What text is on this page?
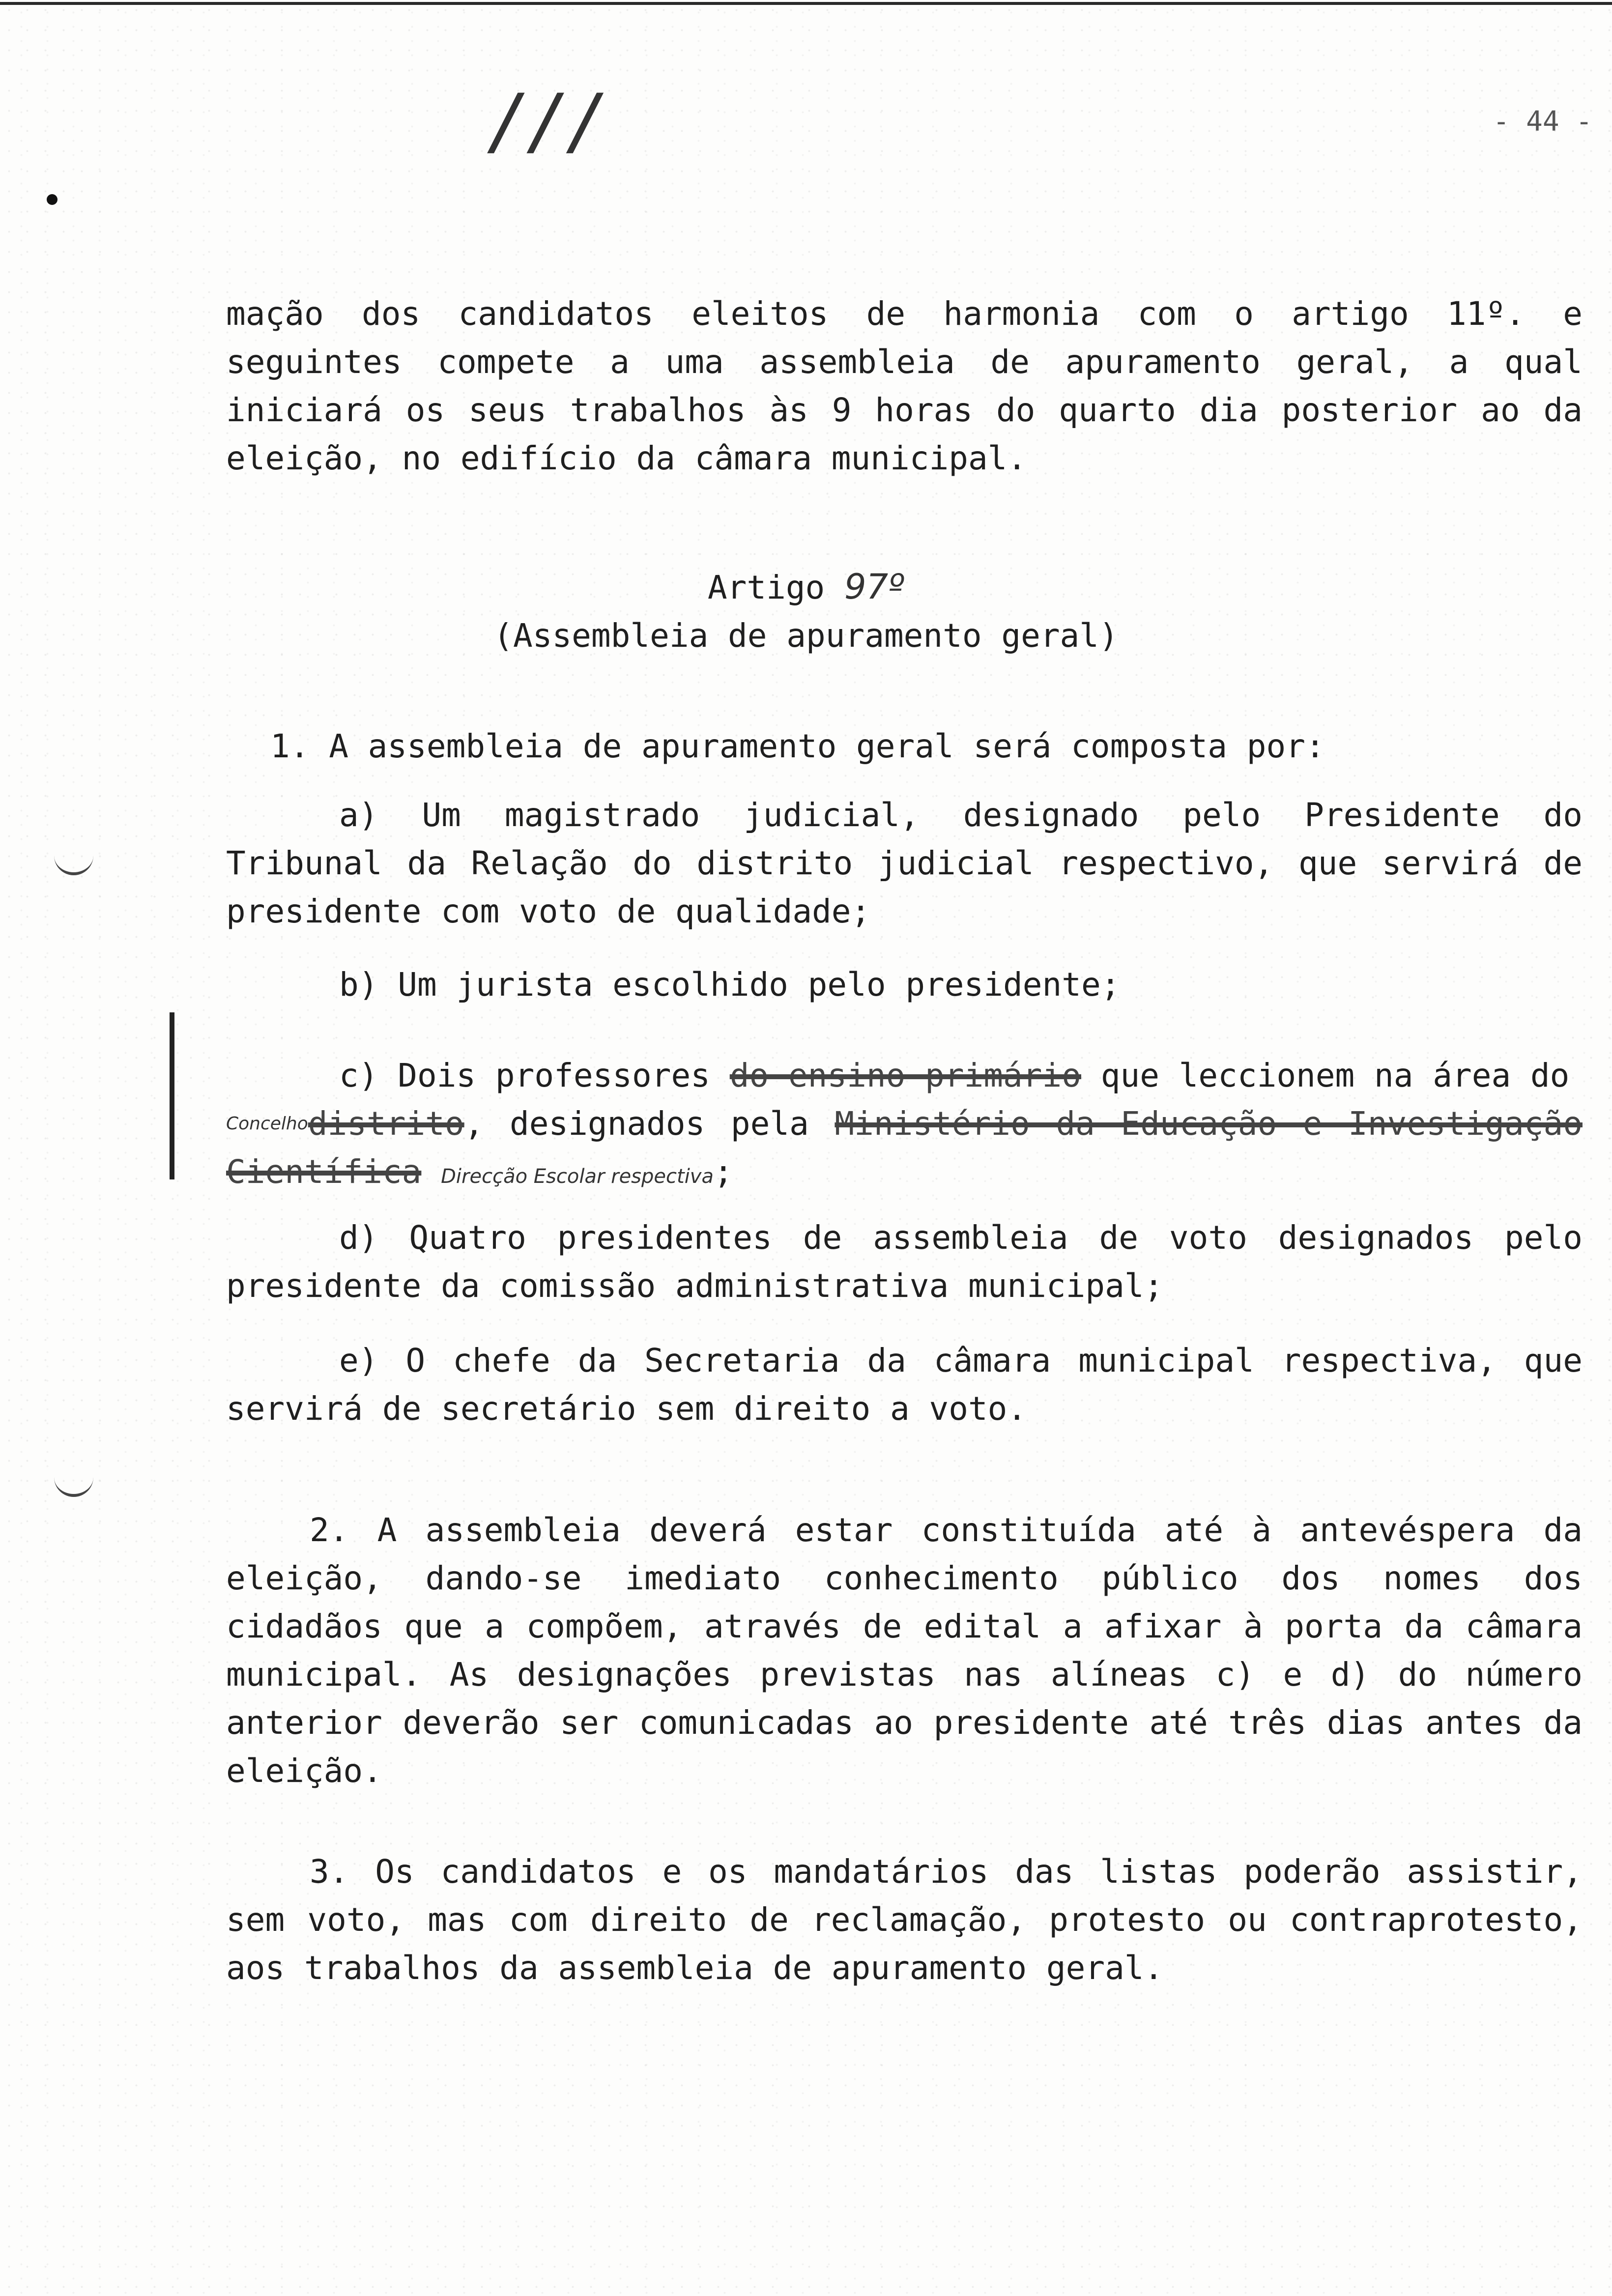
///	- 44 -

mação dos candidatos eleitos de harmonia com o artigo 11º. e seguintes compete a uma assembleia de apuramento geral, a qual iniciará os seus trabalhos às 9 horas do quarto dia posterior ao da eleição, no edifício da câmara municipal.

Artigo 97º
(Assembleia de apuramento geral)

1. A assembleia de apuramento geral será composta por:

a) Um magistrado judicial, designado pelo Presidente do Tribunal da Relação do distrito judicial respectivo, que servirá de presidente com voto de qualidade;

b) Um jurista escolhido pelo presidente;

c) Dois professores do ensino primário que leccionem na área do
$^{Concelho}$distrito, designados pela Ministério da Educação e Investigação Científica Direcção Escolar respectiva;

d) Quatro presidentes de assembleia de voto designados pelo presidente da comissão administrativa municipal;

e) O chefe da Secretaria da câmara municipal respectiva, que servirá de secretário sem direito a voto.

2. A assembleia deverá estar constituída até à antevéspera da eleição, dando-se imediato conhecimento público dos nomes dos cidadãos que a compõem, através de edital a afixar à porta da câmara municipal. As designações previstas nas alíneas c) e d) do número anterior deverão ser comunicadas ao presidente até três dias antes da eleição.

3. Os candidatos e os mandatários das listas poderão assistir, sem voto, mas com direito de reclamação, protesto ou contraprotesto, aos trabalhos da assembleia de apuramento geral.
